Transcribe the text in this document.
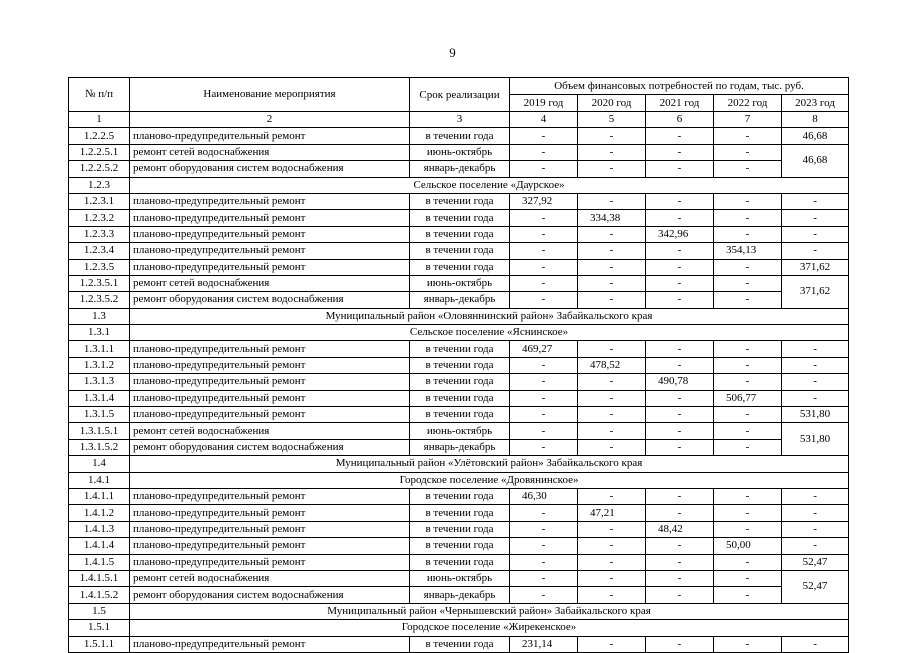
9
№ п/п	Наименование мероприятия	Срок реализации	Объем финансовых потребностей по годам, тыс. руб.				
			2019 год	2020 год	2021 год	2022 год	2023 год
1	2	3	4	5	6	7	8
1.2.2.5	планово-предупредительный ремонт	в течении года	-	-	-	-	46,68
1.2.2.5.1	ремонт сетей водоснабжения	июнь-октябрь	-	-	-	-	46,68
1.2.2.5.2	ремонт оборудования систем водоснабжения	январь-декабрь	-	-	-	-	
1.2.3	Сельское поселение «Даурское»						
1.2.3.1	планово-предупредительный ремонт	в течении года	327,92	-	-	-	-
1.2.3.2	планово-предупредительный ремонт	в течении года	-	334,38	-	-	-
1.2.3.3	планово-предупредительный ремонт	в течении года	-	-	342,96	-	-
1.2.3.4	планово-предупредительный ремонт	в течении года	-	-	-	354,13	-
1.2.3.5	планово-предупредительный ремонт	в течении года	-	-	-	-	371,62
1.2.3.5.1	ремонт сетей водоснабжения	июнь-октябрь	-	-	-	-	371,62
1.2.3.5.2	ремонт оборудования систем водоснабжения	январь-декабрь	-	-	-	-	
1.3	Муниципальный район «Оловяннинский район» Забайкальского края						
1.3.1	Сельское поселение «Яснинское»						
1.3.1.1	планово-предупредительный ремонт	в течении года	469,27	-	-	-	-
1.3.1.2	планово-предупредительный ремонт	в течении года	-	478,52	-	-	-
1.3.1.3	планово-предупредительный ремонт	в течении года	-	-	490,78	-	-
1.3.1.4	планово-предупредительный ремонт	в течении года	-	-	-	506,77	-
1.3.1.5	планово-предупредительный ремонт	в течении года	-	-	-	-	531,80
1.3.1.5.1	ремонт сетей водоснабжения	июнь-октябрь	-	-	-	-	531,80
1.3.1.5.2	ремонт оборудования систем водоснабжения	январь-декабрь	-	-	-	-	
1.4	Муниципальный район «Улётовский район» Забайкальского края						
1.4.1	Городское поселение «Дровянинское»						
1.4.1.1	планово-предупредительный ремонт	в течении года	46,30	-	-	-	-
1.4.1.2	планово-предупредительный ремонт	в течении года	-	47,21	-	-	-
1.4.1.3	планово-предупредительный ремонт	в течении года	-	-	48,42	-	-
1.4.1.4	планово-предупредительный ремонт	в течении года	-	-	-	50,00	-
1.4.1.5	планово-предупредительный ремонт	в течении года	-	-	-	-	52,47
1.4.1.5.1	ремонт сетей водоснабжения	июнь-октябрь	-	-	-	-	52,47
1.4.1.5.2	ремонт оборудования систем водоснабжения	январь-декабрь	-	-	-	-	
1.5	Муниципальный район «Чернышевский район» Забайкальского края						
1.5.1	Городское поселение «Жирекенское»						
1.5.1.1	планово-предупредительный ремонт	в течении года	231,14	-	-	-	-
